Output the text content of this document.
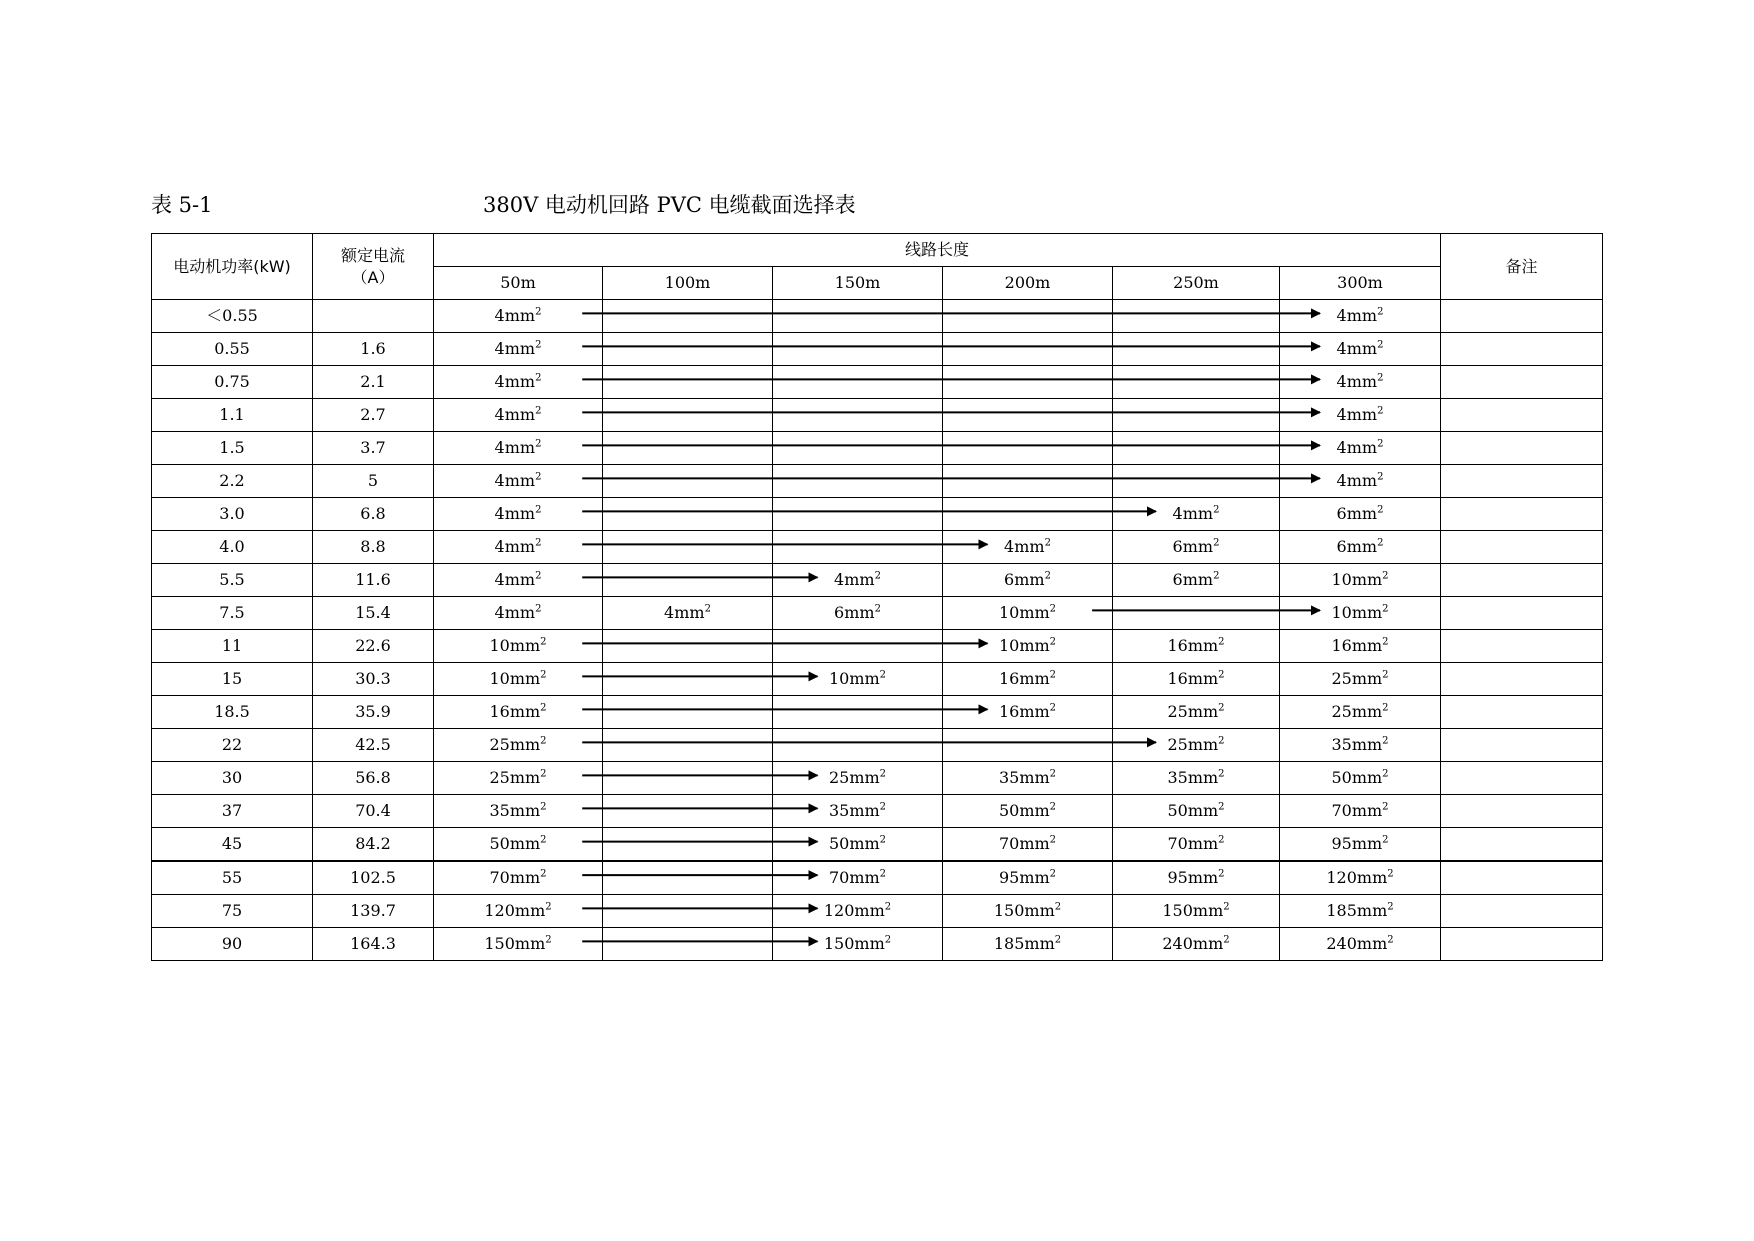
表 5-1	380V 电动机回路 PVC 电缆截面选择表
电动机功率(kW)	额定电流
（A）	线路长度						备注
		50m	100m	150m	200m	250m	300m	
＜0.55		$4mm^2$					$4mm^2$	
0.55	1.6	$4mm^2$					$4mm^2$	
0.75	2.1	$4mm^2$					$4mm^2$	
1.1	2.7	$4mm^2$					$4mm^2$	
1.5	3.7	$4mm^2$					$4mm^2$	
2.2	5	$4mm^2$					$4mm^2$	
3.0	6.8	$4mm^2$				$4mm^2$	$6mm^2$	
4.0	8.8	$4mm^2$			$4mm^2$	$6mm^2$	$6mm^2$	
5.5	11.6	$4mm^2$		$4mm^2$	$6mm^2$	$6mm^2$	$10mm^2$	
7.5	15.4	$4mm^2$	$4mm^2$	$6mm^2$	$10mm^2$		$10mm^2$	
11	22.6	$10mm^2$			$10mm^2$	$16mm^2$	$16mm^2$	
15	30.3	$10mm^2$		$10mm^2$	$16mm^2$	$16mm^2$	$25mm^2$	
18.5	35.9	$16mm^2$			$16mm^2$	$25mm^2$	$25mm^2$	
22	42.5	$25mm^2$				$25mm^2$	$35mm^2$	
30	56.8	$25mm^2$		$25mm^2$	$35mm^2$	$35mm^2$	$50mm^2$	
37	70.4	$35mm^2$		$35mm^2$	$50mm^2$	$50mm^2$	$70mm^2$	
45	84.2	$50mm^2$		$50mm^2$	$70mm^2$	$70mm^2$	$95mm^2$	
55	102.5	$70mm^2$		$70mm^2$	$95mm^2$	$95mm^2$	$120mm^2$	
75	139.7	$120mm^2$		$120mm^2$	$150mm^2$	$150mm^2$	$185mm^2$	
90	164.3	$150mm^2$		$150mm^2$	$185mm^2$	$240mm^2$	$240mm^2$	
